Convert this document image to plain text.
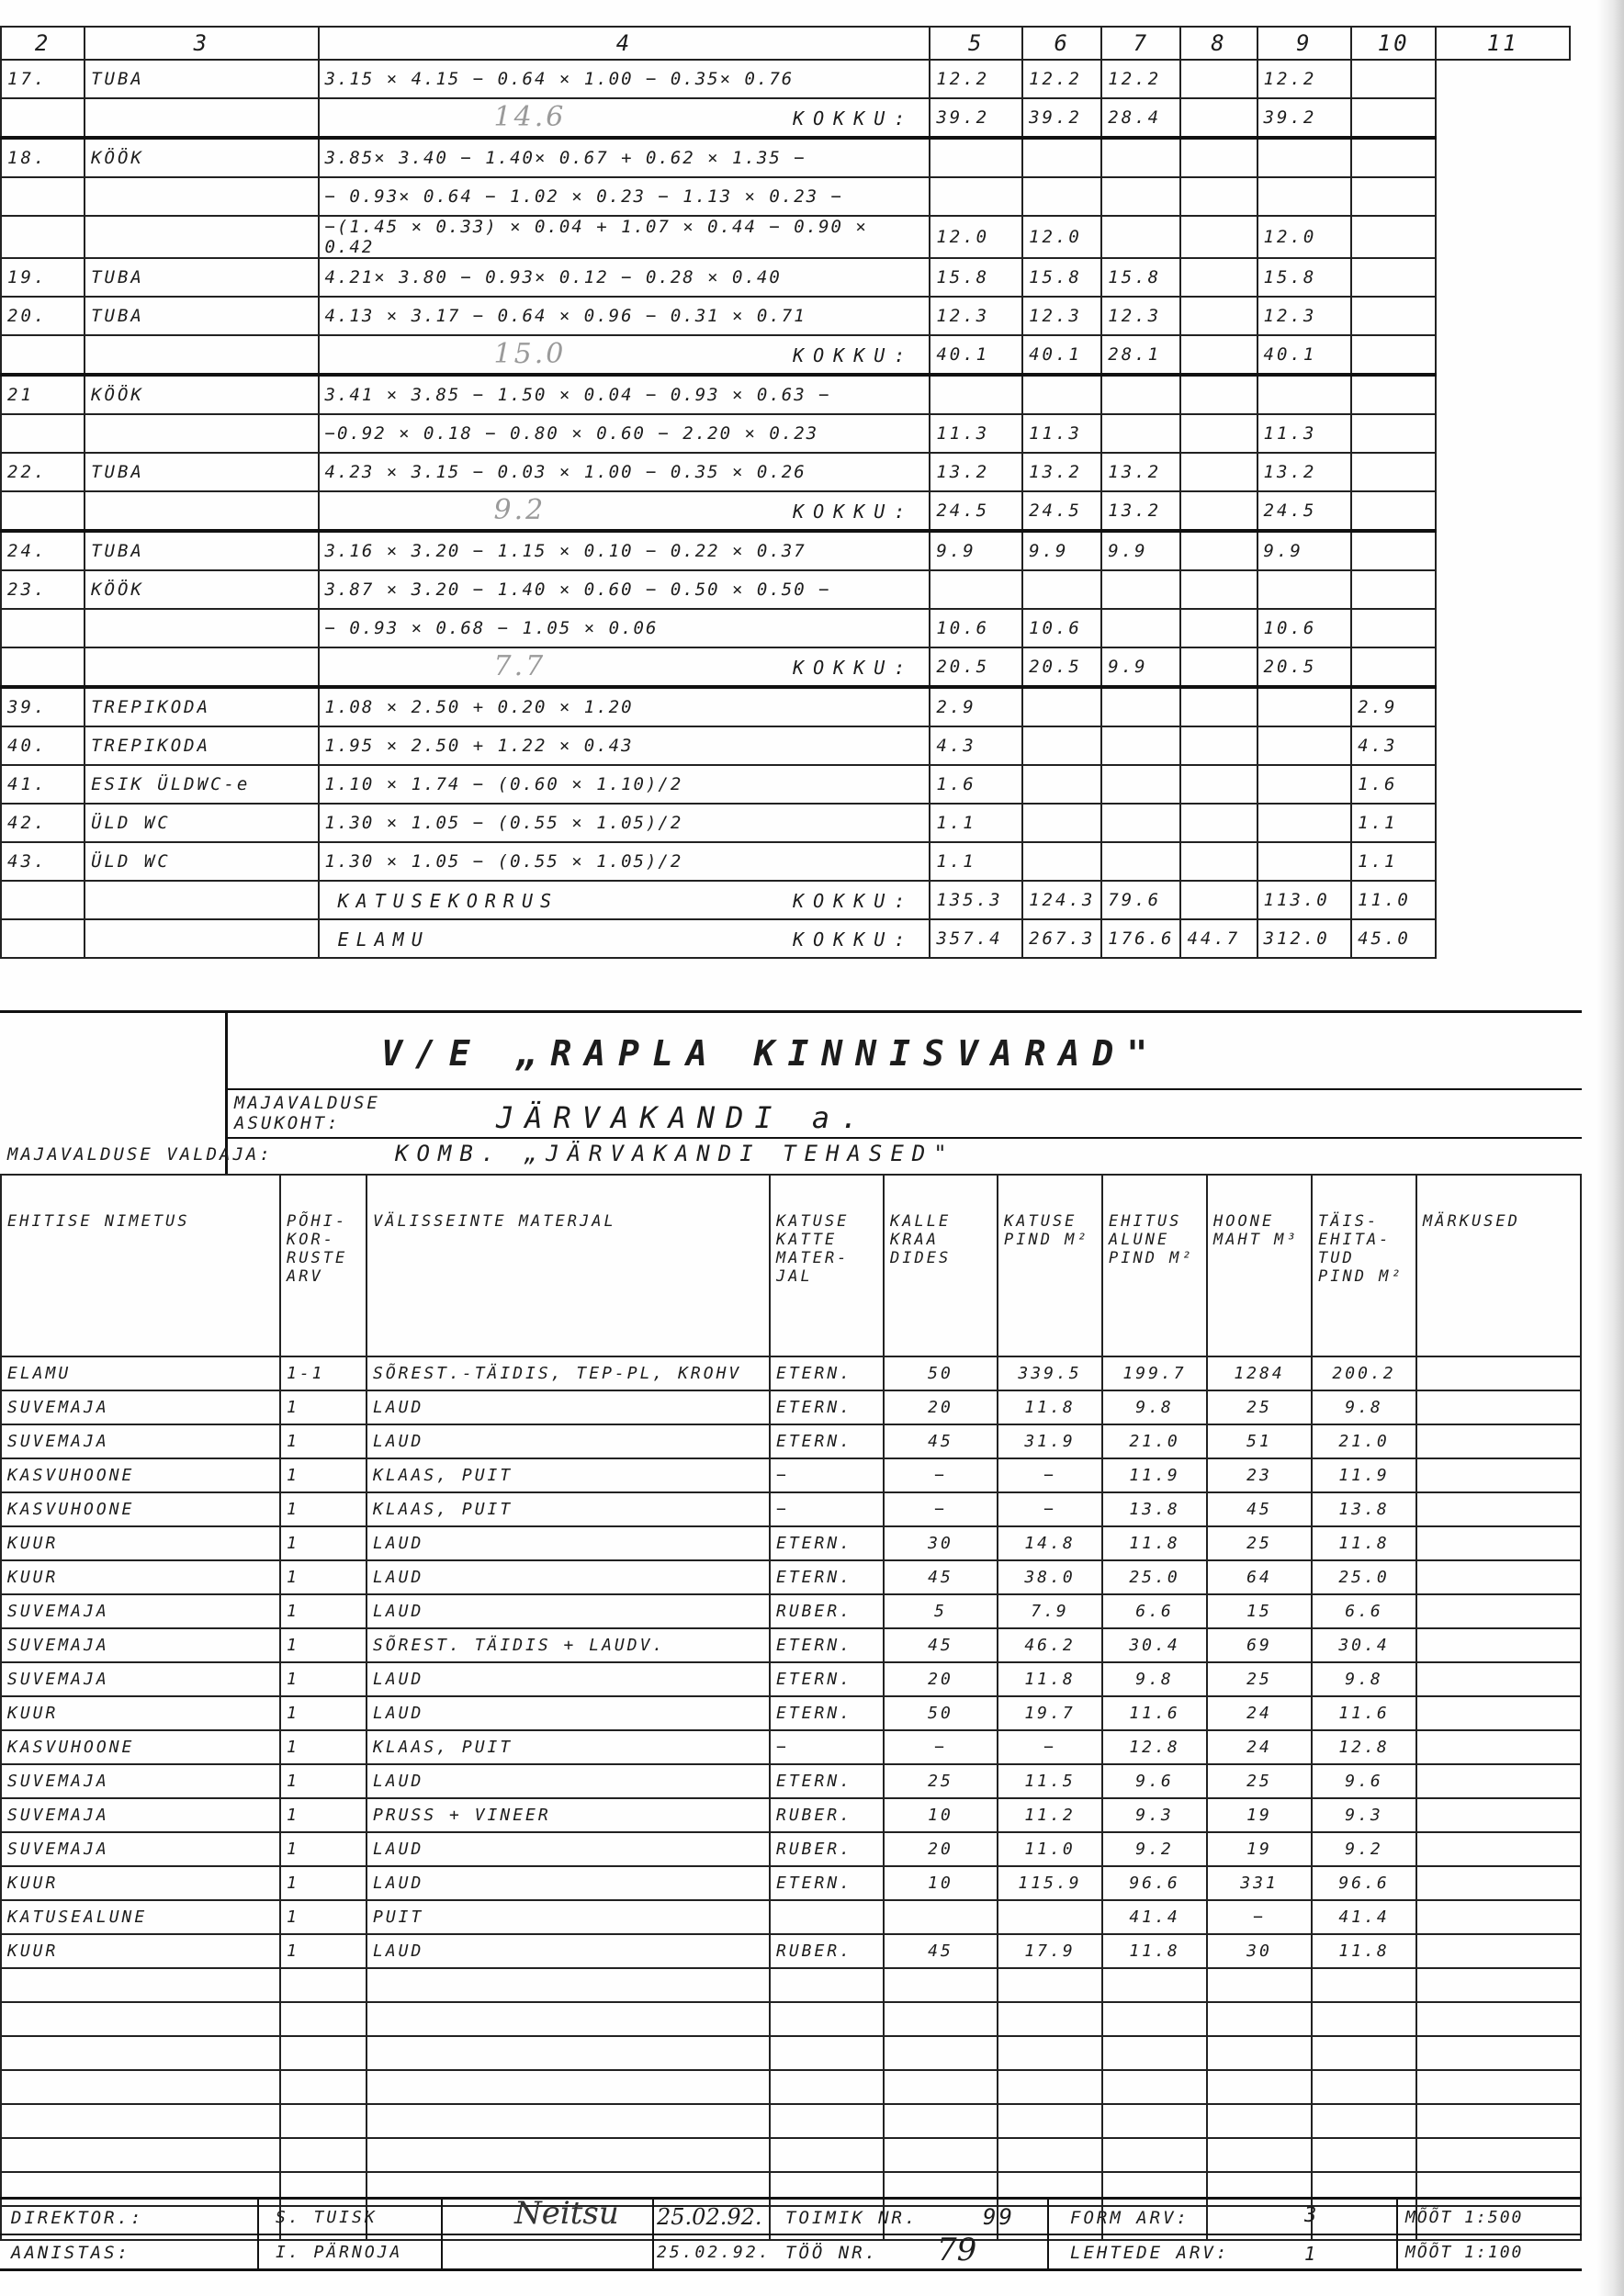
2	3	4	5	6	7	8	9	10	11
17.	TUBA	3.15 × 4.15 − 0.64 × 1.00 − 0.35× 0.76	12.2	12.2	12.2		12.2		

		14.6 KOKKU:	39.2	39.2	28.4		39.2		
18.	KÖÖK	3.85× 3.40 − 1.40× 0.67 + 0.62 × 1.35 −							
		− 0.93× 0.64 − 1.02 × 0.23 − 1.13 × 0.23 −							
		−(1.45 × 0.33) × 0.04 + 1.07 × 0.44 − 0.90 × 0.42	12.0	12.0			12.0		
19.	TUBA	4.21× 3.80 − 0.93× 0.12 − 0.28 × 0.40	15.8	15.8	15.8		15.8		
20.	TUBA	4.13 × 3.17 − 0.64 × 0.96 − 0.31 × 0.71	12.3	12.3	12.3		12.3		

		15.0 KOKKU:	40.1	40.1	28.1		40.1		
21	KÖÖK	3.41 × 3.85 − 1.50 × 0.04 − 0.93 × 0.63 −							
		−0.92 × 0.18 − 0.80 × 0.60 − 2.20 × 0.23	11.3	11.3			11.3		
22.	TUBA	4.23 × 3.15 − 0.03 × 1.00 − 0.35 × 0.26	13.2	13.2	13.2		13.2		

		9.2 KOKKU:	24.5	24.5	13.2		24.5		
24.	TUBA	3.16 × 3.20 − 1.15 × 0.10 − 0.22 × 0.37	9.9	9.9	9.9		9.9		
23.	KÖÖK	3.87 × 3.20 − 1.40 × 0.60 − 0.50 × 0.50 −							
		− 0.93 × 0.68 − 1.05 × 0.06	10.6	10.6			10.6		

		7.7 KOKKU:	20.5	20.5	9.9		20.5		
39.	TREPIKODA	1.08 × 2.50 + 0.20 × 1.20	2.9					2.9	
40.	TREPIKODA	1.95 × 2.50 + 1.22 × 0.43	4.3					4.3	
41.	ESIK ÜLDWC-e	1.10 × 1.74 − (0.60 × 1.10)/2	1.6					1.6	
42.	ÜLD WC	1.30 × 1.05 − (0.55 × 1.05)/2	1.1					1.1	
43.	ÜLD WC	1.30 × 1.05 − (0.55 × 1.05)/2	1.1					1.1	

		KATUSEKORRUS KOKKU:	135.3	124.3	79.6		113.0	11.0	

		ELAMU KOKKU:	357.4	267.3	176.6	44.7	312.0	45.0	
V/E „RAPLA KINNISVARAD"
MAJAVALDUSE
ASUKOHT:	JÄRVAKANDI a.
MAJAVALDUSE VALDAJA:	KOMB. „JÄRVAKANDI TEHASED"
EHITISE NIMETUS	PÕHI-KOR-RUSTE ARV	VÄLISSEINTE MATERJAL	KATUSE KATTE MATER-JAL	KALLE KRAA DIDES	KATUSE PIND M²	EHITUS ALUNE PIND M²	HOONE MAHT M³	TÄIS-EHITA-TUD PIND M²	MÄRKUSED
ELAMU	1-1	SÕREST.-TÄIDIS, TEP-PL, KROHV	ETERN.	50	339.5	199.7	1284	200.2	
SUVEMAJA	1	LAUD	ETERN.	20	11.8	9.8	25	9.8	
SUVEMAJA	1	LAUD	ETERN.	45	31.9	21.0	51	21.0	
KASVUHOONE	1	KLAAS, PUIT	−	−	−	11.9	23	11.9	
KASVUHOONE	1	KLAAS, PUIT	−	−	−	13.8	45	13.8	
KUUR	1	LAUD	ETERN.	30	14.8	11.8	25	11.8	
KUUR	1	LAUD	ETERN.	45	38.0	25.0	64	25.0	
SUVEMAJA	1	LAUD	RUBER.	5	7.9	6.6	15	6.6	
SUVEMAJA	1	SÕREST. TÄIDIS + LAUDV.	ETERN.	45	46.2	30.4	69	30.4	
SUVEMAJA	1	LAUD	ETERN.	20	11.8	9.8	25	9.8	
KUUR	1	LAUD	ETERN.	50	19.7	11.6	24	11.6	
KASVUHOONE	1	KLAAS, PUIT	−	−	−	12.8	24	12.8	
SUVEMAJA	1	LAUD	ETERN.	25	11.5	9.6	25	9.6	
SUVEMAJA	1	PRUSS + VINEER	RUBER.	10	11.2	9.3	19	9.3	
SUVEMAJA	1	LAUD	RUBER.	20	11.0	9.2	19	9.2	
KUUR	1	LAUD	ETERN.	10	115.9	96.6	331	96.6	
KATUSEALUNE	1	PUIT				41.4	−	41.4	
KUUR	1	LAUD	RUBER.	45	17.9	11.8	30	11.8	

DIREKTOR.:
AANISTAS:
S. TUISK
I. PÄRNOJA
Neitsu 25.02.92.
25.02.92.
TOIMIK NR.	99
TÖÖ NR. 79
FORM ARV:	3
LEHTEDE ARV:	1
MÕÕT 1:500
MÕÕT 1:100
